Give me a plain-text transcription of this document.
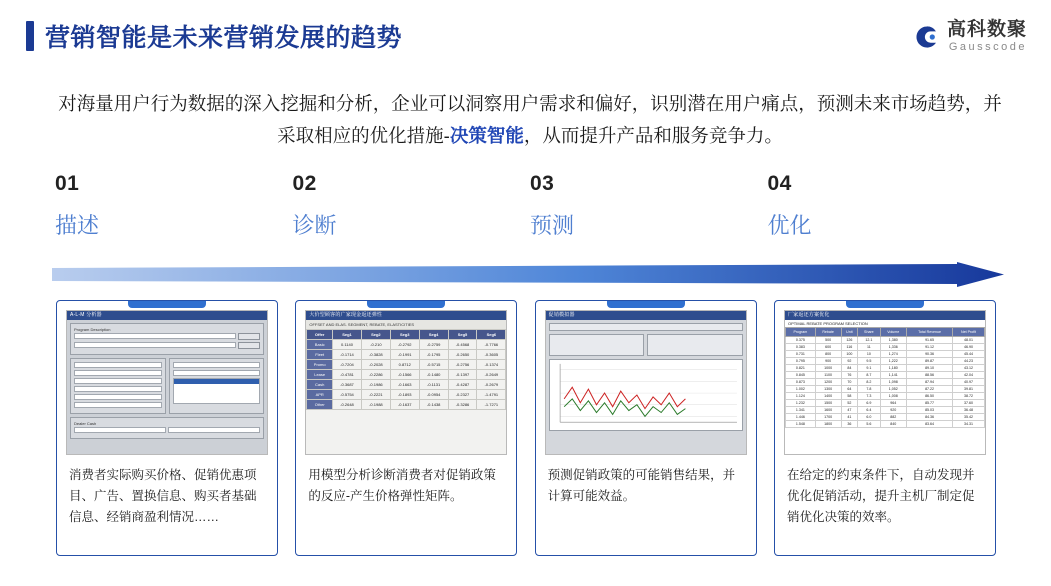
营销智能是未来营销发展的趋势	高科数聚
Gausscode
对海量用户行为数据的深入挖掘和分析，企业可以洞察用户需求和偏好，识别潜在用户痛点，预测未来市场趋势，并采取相应的优化措施-决策智能，从而提升产品和服务竞争力。
01
描述
02
诊断
03
预测
04
优化
A-L-M 分析器
Program Description
Dealer Cash
消费者实际购买价格、促销优惠项目、广告、置换信息、购买者基础信息、经销商盈利情况……
大价型顾客的广家现金返还弹性
OFFSET AND ELAS. SEGMENT, REBATE, ELASTICITIES
Offer	Seg1	Seg2	Seg3	Seg4	Seg5	Seg6
Basic	0.1140	-0.210	-0.2792	-0.2759	-0.4568	-0.7766
Fleet	-0.1714	-0.3828	-0.1991	-0.1795	-0.2650	-0.3605
Promo	-0.7204	-0.2028	0.8712	-0.5715	-0.2756	-0.1374
Lease	-0.4781	-0.2286	-0.1566	-0.1480	-0.1397	-0.2649
Cash	-0.3687	-0.1986	-0.1663	-0.1131	-0.4287	-0.2679
APR	-0.5754	-0.2221	-0.1893	-0.0954	-0.2327	-1.4791
Other	-0.2648	-0.1988	-0.1637	-0.1438	-0.3286	-1.7271
用模型分析诊断消费者对促销政策的反应-产生价格弹性矩阵。
促销模拟器
预测促销政策的可能销售结果，并计算可能效益。
厂家返还方案优化
OPTIMAL REBATE PROGRAM SELECTION
Program	Rebate	Unit	Share	Volume	Total Revenue	Net Profit
0.375	500	126	12.1	1,380	91.65	48.01
0.383	600	116	11	1,336	91.12	46.90
0.731	800	100	10	1,274	90.36	45.44
0.795	900	92	9.5	1,222	89.87	44.23
0.821	1000	84	9.1	1,180	89.10	43.12
0.845	1100	76	8.7	1,141	88.56	42.04
0.873	1200	70	8.2	1,098	87.94	40.97
1.002	1300	64	7.8	1,052	87.22	39.81
1.124	1400	58	7.3	1,008	86.50	38.72
1.232	1500	52	6.9	964	85.77	37.60
1.341	1600	47	6.4	920	85.03	36.48
1.446	1700	41	6.0	882	84.36	35.42
1.548	1800	36	5.6	840	83.64	34.31
在给定的约束条件下，自动发现并优化促销活动，提升主机厂制定促销优化决策的效率。
